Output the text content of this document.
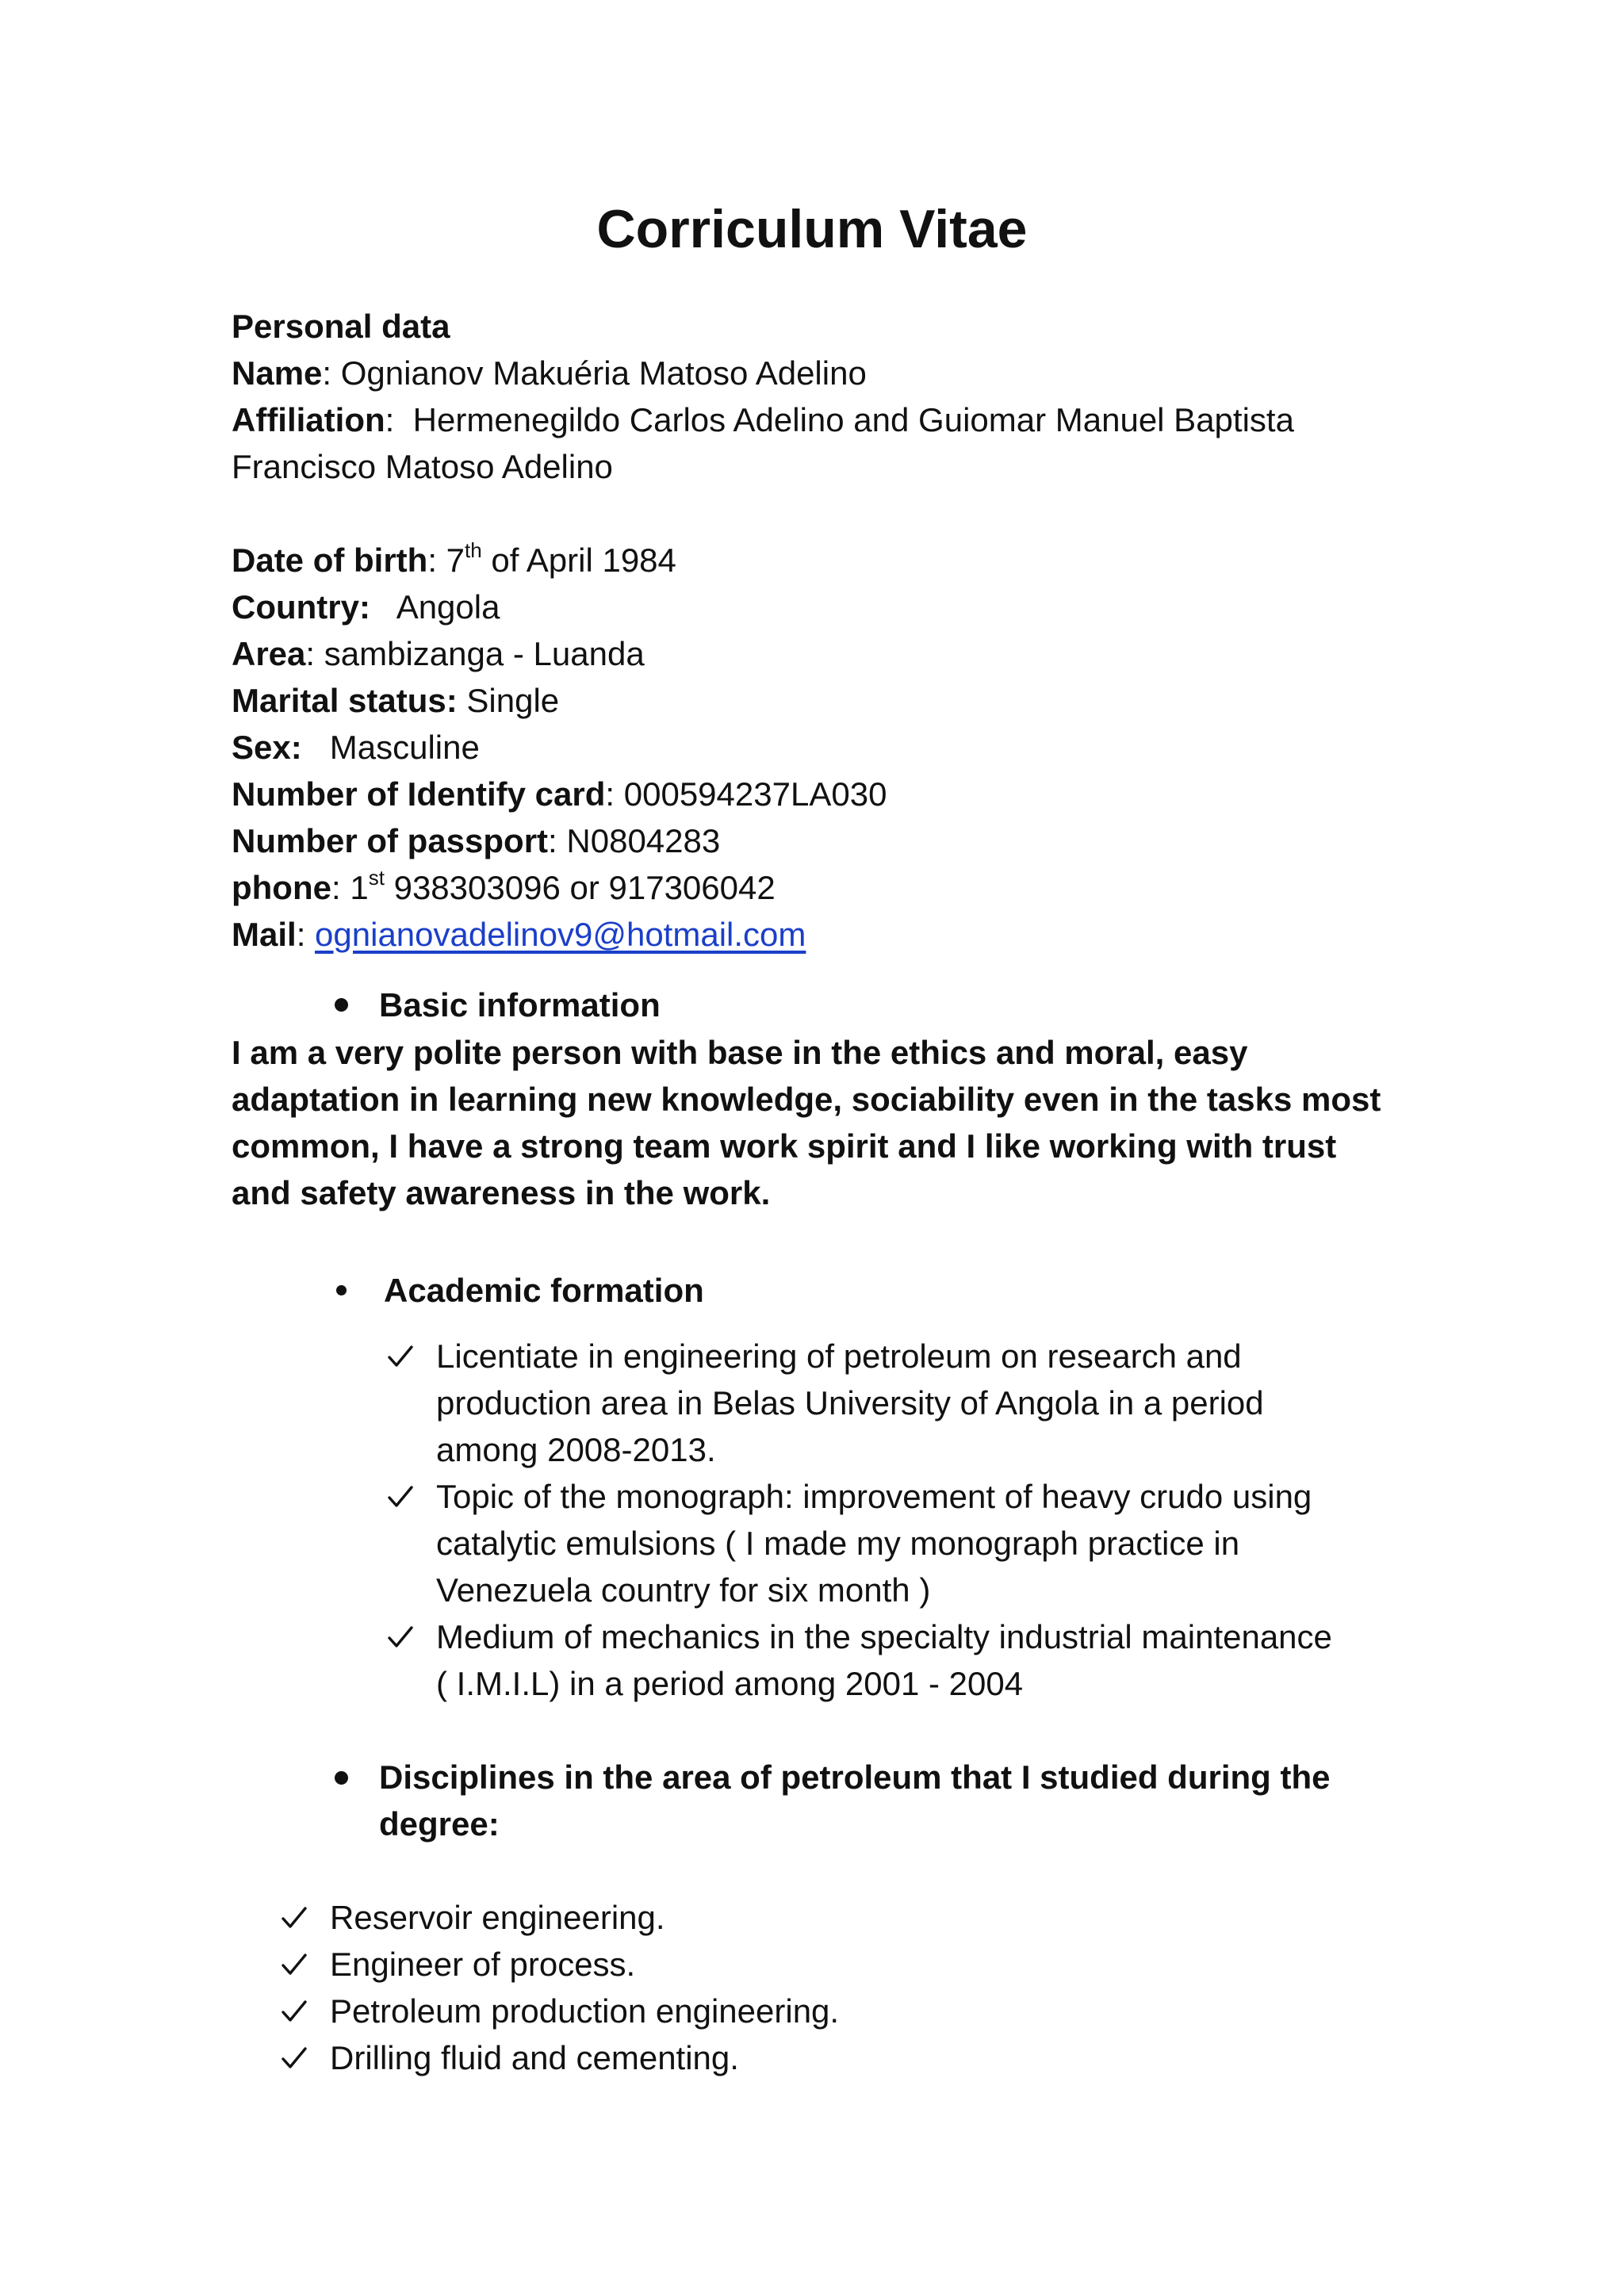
Corriculum Vitae
Personal data
Name: Ognianov Makuéria Matoso Adelino
Affiliation:  Hermenegildo Carlos Adelino and Guiomar Manuel Baptista
Francisco Matoso Adelino
Date of birth: 7th of April 1984
Country: Angola
Area: sambizanga - Luanda
Marital status: Single
Sex: Masculine
Number of Identify card: 000594237LA030
Number of passport: N0804283
phone: 1st 938303096 or 917306042
Mail: ognianovadelinov9@hotmail.com
Basic information
I am a very polite person with base in the ethics and moral, easy
adaptation in learning new knowledge, sociability even in the tasks most
common, I have a strong team work spirit and I like working with trust
and safety awareness in the work.
Academic formation
Licentiate in engineering of petroleum on research and
production area in Belas University of Angola in a period
among 2008-2013.
Topic of the monograph: improvement of heavy crudo using
catalytic emulsions ( I made my monograph practice in
Venezuela country for six month )
Medium of mechanics in the specialty industrial maintenance
( I.M.I.L) in a period among 2001 - 2004
Disciplines in the area of petroleum that I studied during the
degree:
Reservoir engineering.
Engineer of process.
Petroleum production engineering.
Drilling fluid and cementing.
